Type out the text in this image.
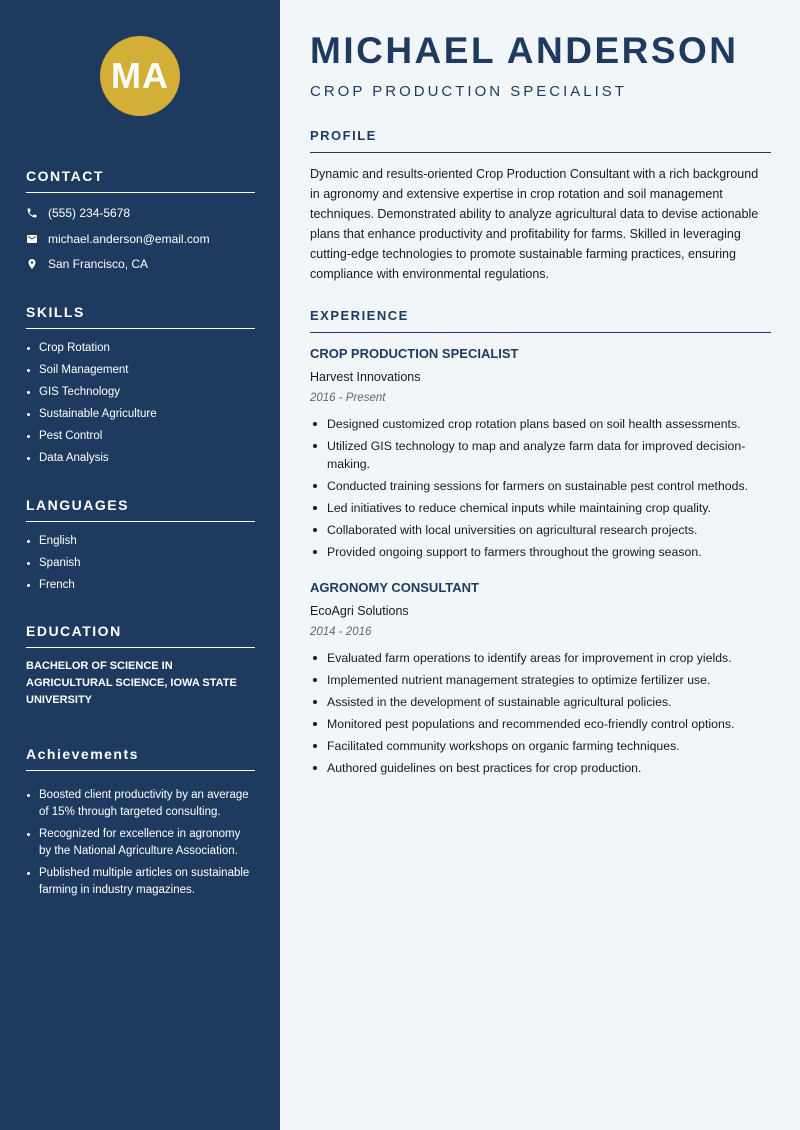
MA
CONTACT
(555) 234-5678
michael.anderson@email.com
San Francisco, CA
SKILLS
Crop Rotation
Soil Management
GIS Technology
Sustainable Agriculture
Pest Control
Data Analysis
LANGUAGES
English
Spanish
French
EDUCATION

BACHELOR OF SCIENCE IN AGRICULTURAL SCIENCE, IOWA STATE UNIVERSITY

Achievements
Boosted client productivity by an average of 15% through targeted consulting.
Recognized for excellence in agronomy by the National Agriculture Association.
Published multiple articles on sustainable farming in industry magazines.
MICHAEL ANDERSON
CROP PRODUCTION SPECIALIST
PROFILE

Dynamic and results-oriented Crop Production Consultant with a rich background in agronomy and extensive expertise in crop rotation and soil management techniques. Demonstrated ability to analyze agricultural data to devise actionable plans that enhance productivity and profitability for farms. Skilled in leveraging cutting-edge technologies to promote sustainable farming practices, ensuring compliance with environmental regulations.

EXPERIENCE
CROP PRODUCTION SPECIALIST
Harvest Innovations
2016 - Present
Designed customized crop rotation plans based on soil health assessments.
Utilized GIS technology to map and analyze farm data for improved decision-making.
Conducted training sessions for farmers on sustainable pest control methods.
Led initiatives to reduce chemical inputs while maintaining crop quality.
Collaborated with local universities on agricultural research projects.
Provided ongoing support to farmers throughout the growing season.
AGRONOMY CONSULTANT
EcoAgri Solutions
2014 - 2016
Evaluated farm operations to identify areas for improvement in crop yields.
Implemented nutrient management strategies to optimize fertilizer use.
Assisted in the development of sustainable agricultural policies.
Monitored pest populations and recommended eco-friendly control options.
Facilitated community workshops on organic farming techniques.
Authored guidelines on best practices for crop production.
